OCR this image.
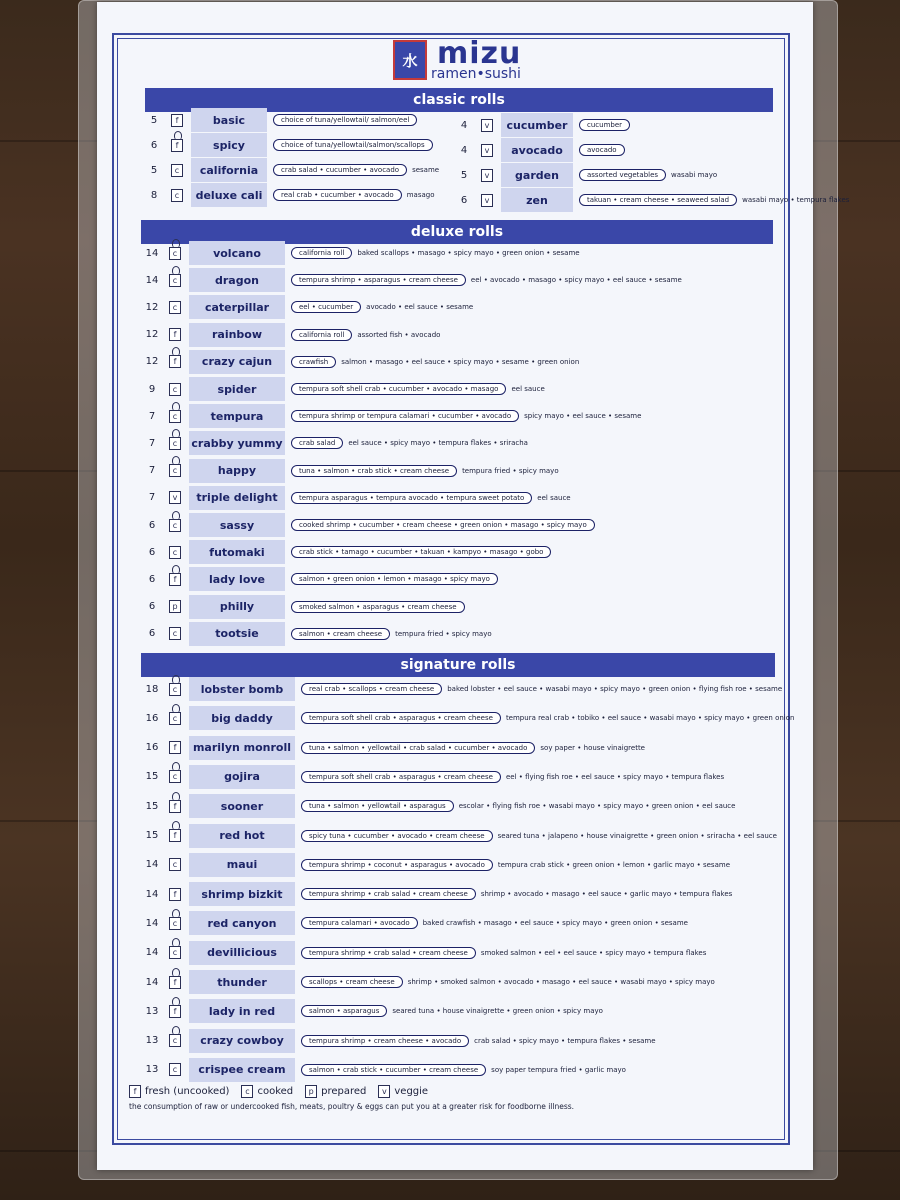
水 mizu
ramen•sushi
classic rolls
5	f	basic	choice of tuna/yellowtail/ salmon/eel
6	f	spicy	choice of tuna/yellowtail/salmon/scallops
5	c	california	crab salad • cucumber • avocado	sesame
8	c	deluxe cali	real crab • cucumber • avocado	masago
4	v	cucumber	cucumber
4	v	avocado	avocado
5	v	garden	assorted vegetables	wasabi mayo
6	v	zen	takuan • cream cheese • seaweed salad	wasabi mayo • tempura flakes
deluxe rolls
14	c	volcano	california roll	baked scallops • masago • spicy mayo • green onion • sesame
14	c	dragon	tempura shrimp • asparagus • cream cheese	eel • avocado • masago • spicy mayo • eel sauce • sesame
12	c	caterpillar	eel • cucumber	avocado • eel sauce • sesame
12	f	rainbow	california roll	assorted fish • avocado
12	f	crazy cajun	crawfish	salmon • masago • eel sauce • spicy mayo • sesame • green onion
9	c	spider	tempura soft shell crab • cucumber • avocado • masago	eel sauce
7	c	tempura	tempura shrimp or tempura calamari • cucumber • avocado	spicy mayo • eel sauce • sesame
7	c	crabby yummy	crab salad	eel sauce • spicy mayo • tempura flakes • sriracha
7	c	happy	tuna • salmon • crab stick • cream cheese	tempura fried • spicy mayo
7	v	triple delight	tempura asparagus • tempura avocado • tempura sweet potato	eel sauce
6	c	sassy	cooked shrimp • cucumber • cream cheese • green onion • masago • spicy mayo
6	c	futomaki	crab stick • tamago • cucumber • takuan • kampyo • masago • gobo
6	f	lady love	salmon • green onion • lemon • masago • spicy mayo
6	p	philly	smoked salmon • asparagus • cream cheese
6	c	tootsie	salmon • cream cheese	tempura fried • spicy mayo
signature rolls
18	c	lobster bomb	real crab • scallops • cream cheese	baked lobster • eel sauce • wasabi mayo • spicy mayo • green onion • flying fish roe • sesame
16	c	big daddy	tempura soft shell crab • asparagus • cream cheese	tempura real crab • tobiko • eel sauce • wasabi mayo • spicy mayo • green onion
16	f	marilyn monroll	tuna • salmon • yellowtail • crab salad • cucumber • avocado	soy paper • house vinaigrette
15	c	gojira	tempura soft shell crab • asparagus • cream cheese	eel • flying fish roe • eel sauce • spicy mayo • tempura flakes
15	f	sooner	tuna • salmon • yellowtail • asparagus	escolar • flying fish roe • wasabi mayo • spicy mayo • green onion • eel sauce
15	f	red hot	spicy tuna • cucumber • avocado • cream cheese	seared tuna • jalapeno • house vinaigrette • green onion • sriracha • eel sauce
14	c	maui	tempura shrimp • coconut • asparagus • avocado	tempura crab stick • green onion • lemon • garlic mayo • sesame
14	f	shrimp bizkit	tempura shrimp • crab salad • cream cheese	shrimp • avocado • masago • eel sauce • garlic mayo • tempura flakes
14	c	red canyon	tempura calamari • avocado	baked crawfish • masago • eel sauce • spicy mayo • green onion • sesame
14	c	devillicious	tempura shrimp • crab salad • cream cheese	smoked salmon • eel • eel sauce • spicy mayo • tempura flakes
14	f	thunder	scallops • cream cheese	shrimp • smoked salmon • avocado • masago • eel sauce • wasabi mayo • spicy mayo
13	f	lady in red	salmon • asparagus	seared tuna • house vinaigrette • green onion • spicy mayo
13	c	crazy cowboy	tempura shrimp • cream cheese • avocado	crab salad • spicy mayo • tempura flakes • sesame
13	c	crispee cream	salmon • crab stick • cucumber • cream cheese	soy paper tempura fried • garlic mayo
f fresh (uncooked)	c cooked	p prepared	v veggie
the consumption of raw or undercooked fish, meats, poultry & eggs can put you at a greater risk for foodborne illness.
